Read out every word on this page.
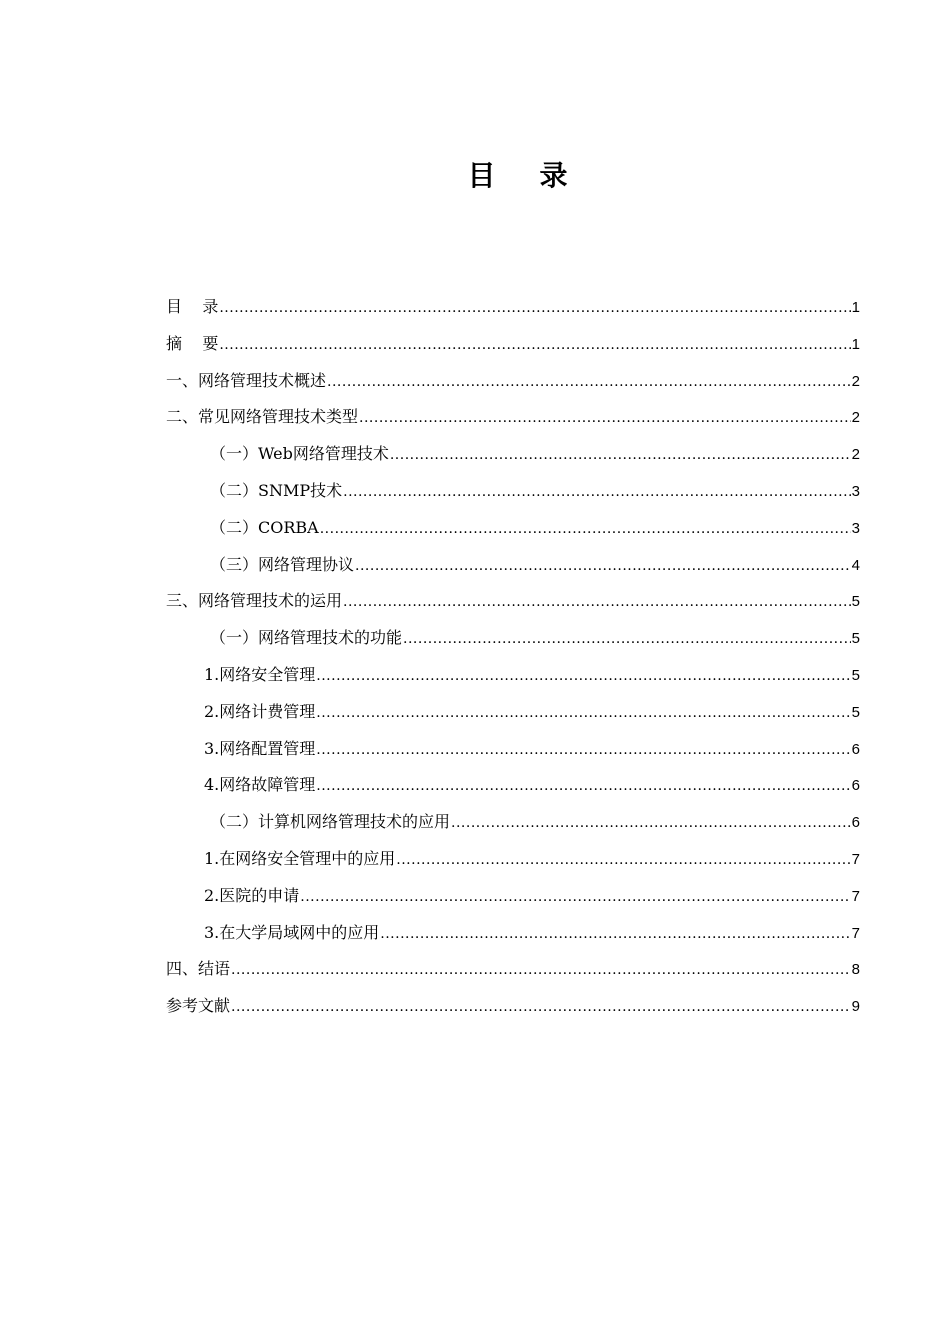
目    录
目    录 .....	1
摘    要 .....	1
一、网络管理技术概述 .....	2
二、常见网络管理技术类型 .....	2
（一）Web网络管理技术 .....	2
（二）SNMP技术 .....	3
（二）CORBA .....	3
（三）网络管理协议 .....	4
三、网络管理技术的运用 .....	5
（一）网络管理技术的功能 .....	5
1.网络安全管理 .....	5
2.网络计费管理 .....	5
3.网络配置管理 .....	6
4.网络故障管理 .....	6
（二）计算机网络管理技术的应用 .....	6
1.在网络安全管理中的应用 .....	7
2.医院的申请 .....	7
3.在大学局域网中的应用 .....	7
四、结语 .....	8
参考文献 .....	9
